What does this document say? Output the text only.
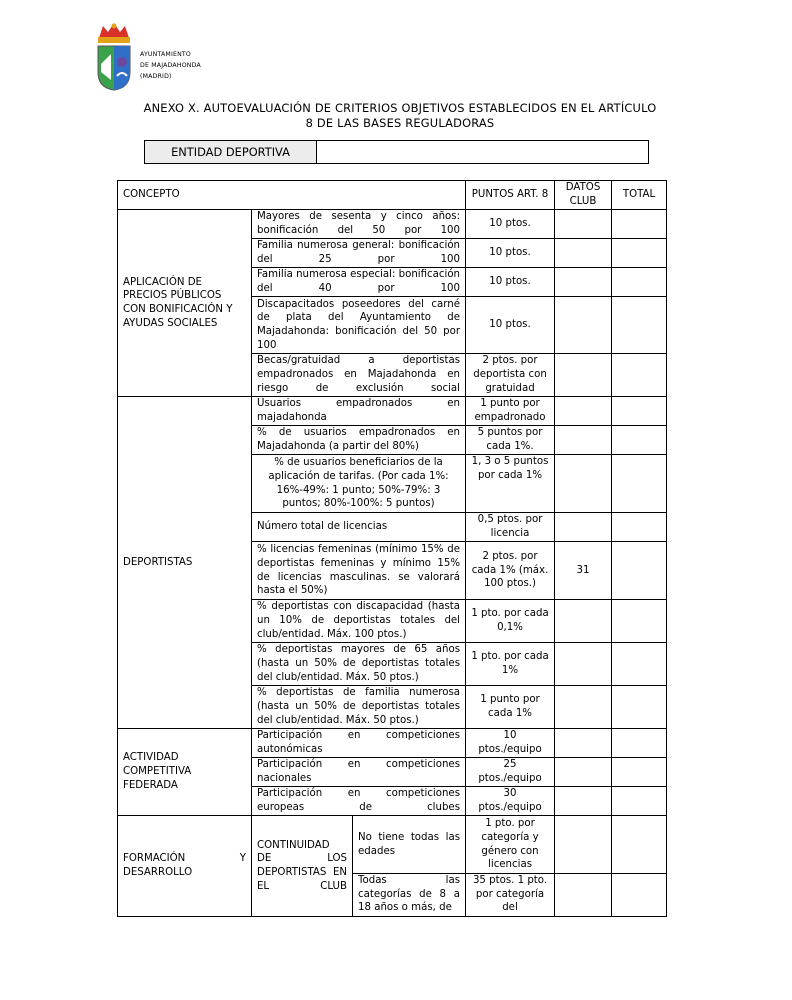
AYUNTAMIENTO
DE MAJADAHONDA
(MADRID)
ANEXO X. AUTOEVALUACIÓN DE CRITERIOS OBJETIVOS ESTABLECIDOS EN EL ARTÍCULO
8 DE LAS BASES REGULADORAS
ENTIDAD DEPORTIVA	
CONCEPTO			PUNTOS ART. 8	DATOS CLUB	TOTAL
APLICACIÓN DE PRECIOS PÚBLICOS CON BONIFICACIÓN Y AYUDAS SOCIALES	Mayores de sesenta y cinco años: bonificación del 50 por 100		10 ptos.		
	Familia numerosa general: bonificación del 25 por 100		10 ptos.		
	Familia numerosa especial: bonificación del 40 por 100		10 ptos.		
	Discapacitados poseedores del carné de plata del Ayuntamiento de Majadahonda: bonificación del 50 por 100		10 ptos.		
	Becas/gratuidad a deportistas empadronados en Majadahonda en riesgo de exclusión social		2 ptos. por deportista con gratuidad		
DEPORTISTAS	Usuarios empadronados en majadahonda		1 punto por empadronado		
	% de usuarios empadronados en Majadahonda (a partir del 80%)		5 puntos por cada 1%.		
	% de usuarios beneficiarios de la aplicación de tarifas. (Por cada 1%: 16%-49%: 1 punto; 50%-79%: 3 puntos; 80%-100%: 5 puntos)		1, 3 o 5 puntos por cada 1%		
	Número total de licencias		0,5 ptos. por licencia		
	% licencias femeninas (mínimo 15% de deportistas femeninas y mínimo 15% de licencias masculinas. se valorará hasta el 50%)		2 ptos. por cada 1% (máx. 100 ptos.)	31	
	% deportistas con discapacidad (hasta un 10% de deportistas totales del club/entidad. Máx. 100 ptos.)		1 pto. por cada 0,1%		
	% deportistas mayores de 65 años (hasta un 50% de deportistas totales del club/entidad. Máx. 50 ptos.)		1 pto. por cada 1%		
	% deportistas de familia numerosa (hasta un 50% de deportistas totales del club/entidad. Máx. 50 ptos.)		1 punto por cada 1%		
ACTIVIDAD COMPETITIVA FEDERADA	Participación en competiciones autonómicas		10 ptos./equipo		
	Participación en competiciones nacionales		25 ptos./equipo		
	Participación en competiciones europeas de clubes		30 ptos./equipo		
FORMACIÓN Y DESARROLLO	CONTINUIDAD DE LOS DEPORTISTAS EN EL CLUB	No tiene todas las edades	1 pto. por categoría y género con licencias		
		Todas las categorías de 8 a 18 años o más, de	35 ptos. 1 pto. por categoría del		
